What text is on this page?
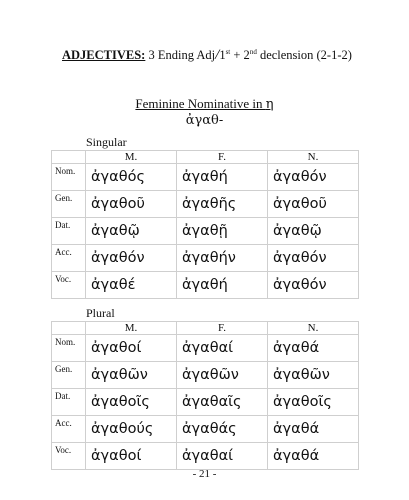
ADJECTIVES: 3 Ending Adj/1st + 2nd declension (2-1-2)
Feminine Nominative in η
ἀγαθ-
Singular
	M.	F.	N.
Nom.	ἀγαθός	ἀγαθή	ἀγαθόν
Gen.	ἀγαθοῦ	ἀγαθῆς	ἀγαθοῦ
Dat.	ἀγαθῷ	ἀγαθῇ	ἀγαθῷ
Acc.	ἀγαθόν	ἀγαθήν	ἀγαθόν
Voc.	ἀγαθέ	ἀγαθή	ἀγαθόν
Plural
	M.	F.	N.
Nom.	ἀγαθοί	ἀγαθαί	ἀγαθά
Gen.	ἀγαθῶν	ἀγαθῶν	ἀγαθῶν
Dat.	ἀγαθοῖς	ἀγαθαῖς	ἀγαθοῖς
Acc.	ἀγαθούς	ἀγαθάς	ἀγαθά
Voc.	ἀγαθοί	ἀγαθαί	ἀγαθά
- 21 -
